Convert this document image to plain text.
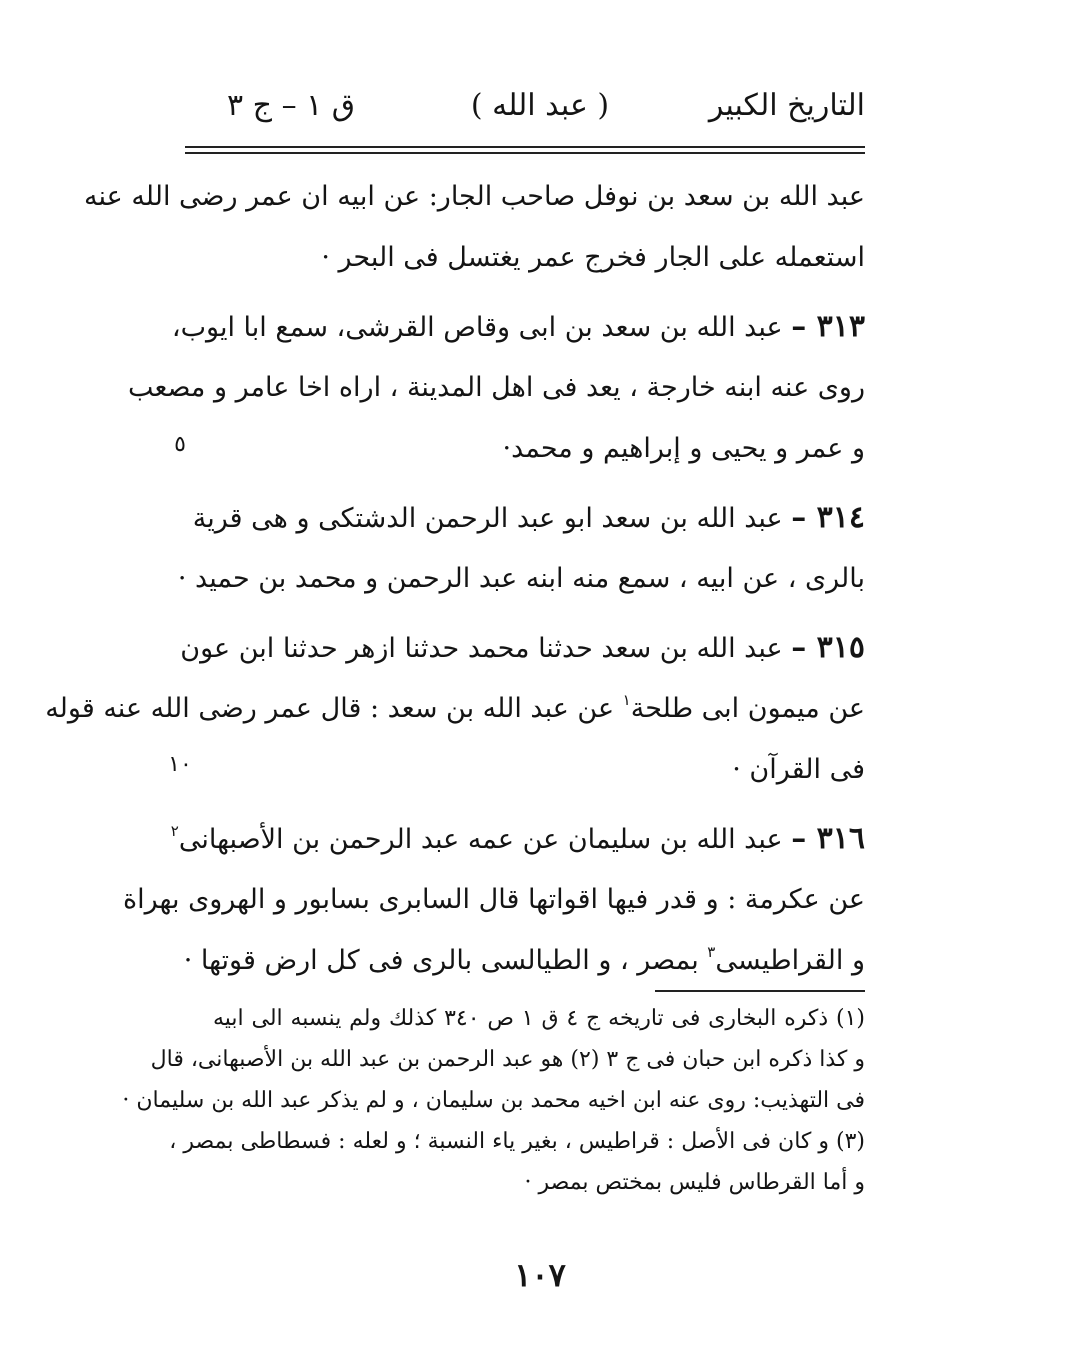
التاريخ الكبير
( عبد الله )
ق ١ – ج ٣
عبد الله بن سعد بن نوفل صاحب الجار: عن ابيه ان عمر رضى الله عنه
استعمله على الجار فخرج عمر يغتسل فى البحر ·
٣١٣ – عبد الله بن سعد بن ابى وقاص القرشى، سمع ابا ايوب،
روى عنه ابنه خارجة ، يعد فى اهل المدينة ، اراه اخا عامر و مصعب
و عمر و يحيى و إبراهيم و محمد·
٣١٤ – عبد الله بن سعد ابو عبد الرحمن الدشتكى و هى قرية
بالرى ، عن ابيه ، سمع منه ابنه عبد الرحمن و محمد بن حميد ·
٣١٥ – عبد الله بن سعد حدثنا محمد حدثنا ازهر حدثنا ابن عون
عن ميمون ابى طلحة$^١$ عن عبد الله بن سعد : قال عمر رضى الله عنه قوله
فى القرآن ·
٣١٦ – عبد الله بن سليمان عن عمه عبد الرحمن بن الأصبهانى$^٢$
عن عكرمة : و قدر فيها اقواتها قال السابرى بسابور و الهروى بهراة
و القراطيسى$^٣$ بمصر ، و الطيالسى بالرى فى كل ارض قوتها ·
٥
١٠
(١) ذكره البخارى فى تاريخه ج ٤ ق ١ ص ٣٤٠ كذلك ولم ينسبه الى ابيه
و كذا ذكره ابن حبان فى ج ٣ (٢) هو عبد الرحمن بن عبد الله بن الأصبهانى، قال
فى التهذيب: روى عنه ابن اخيه محمد بن سليمان ، و لم يذكر عبد الله بن سليمان ·
(٣) و كان فى الأصل : قراطيس ، بغير ياء النسبة ؛ و لعله : فسطاطى بمصر ،
و أما القرطاس فليس بمختص بمصر ·
١٠٧
